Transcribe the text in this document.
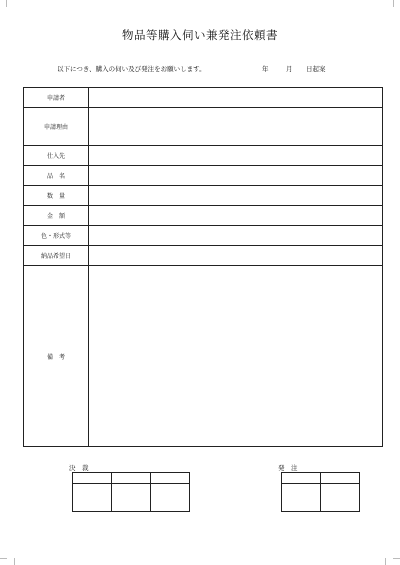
物品等購入伺い兼発注依頼書
以下につき、購入の伺い及び発注をお願いします。	年	月 日起案
申請者	
申請理由	
仕入先	
品　名	
数　量	
金　額	
色・形式等	
納品希望日	
備　考	
決　裁

			発　注
